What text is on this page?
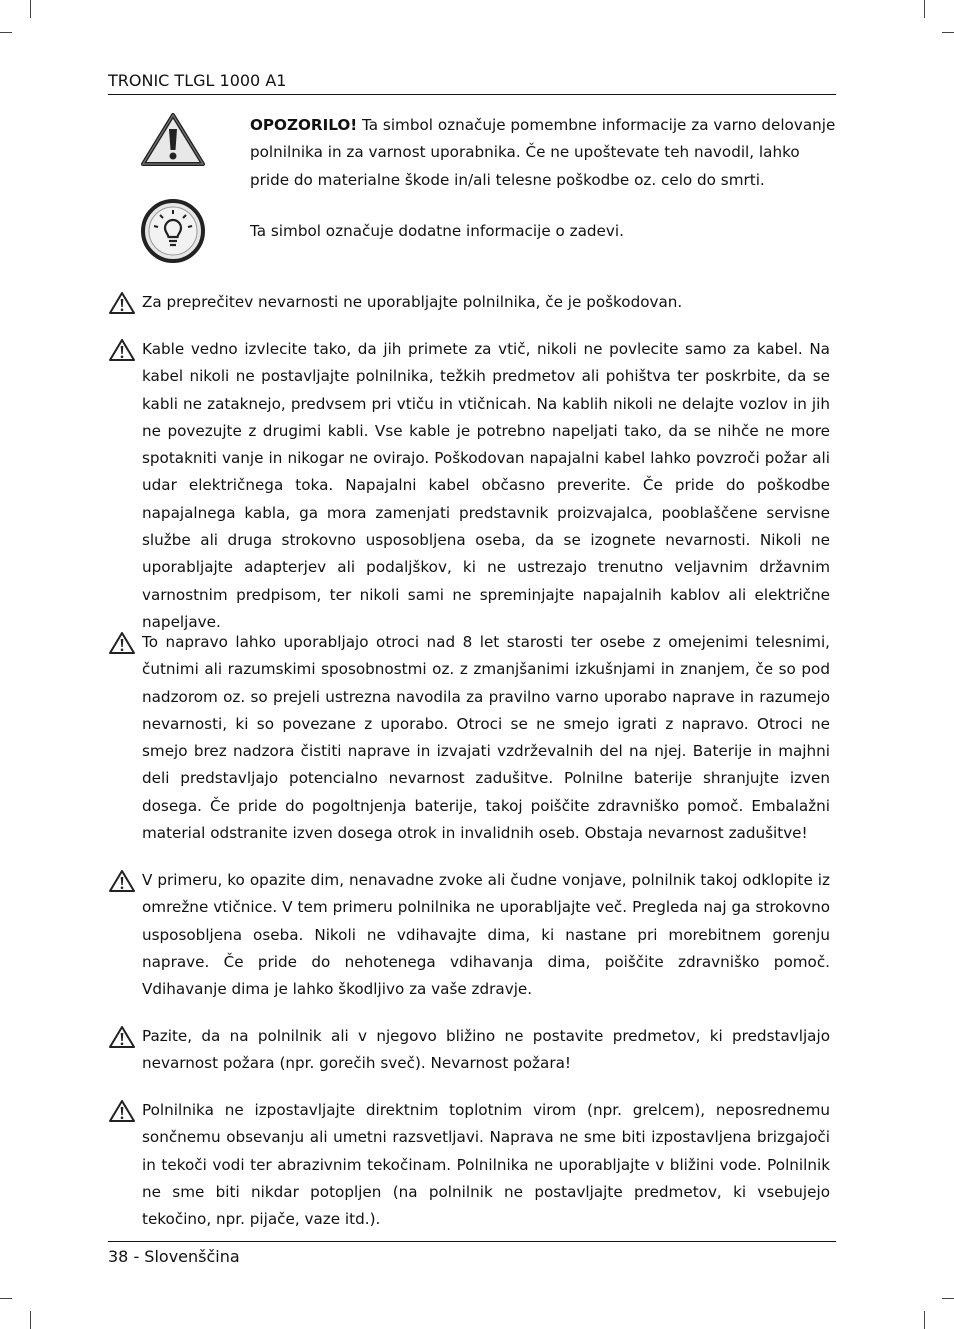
TRONIC TLGL 1000 A1
OPOZORILO! Ta simbol označuje pomembne informacije za varno delovanje polnilnika in za varnost uporabnika. Če ne upoštevate teh navodil, lahko pride do materialne škode in/ali telesne poškodbe oz. celo do smrti.
Ta simbol označuje dodatne informacije o zadevi.

Za preprečitev nevarnosti ne uporabljajte polnilnika, če je poškodovan.

Kable vedno izvlecite tako, da jih primete za vtič, nikoli ne povlecite samo za kabel. Na kabel nikoli ne postavljajte polnilnika, težkih predmetov ali pohištva ter poskrbite, da se kabli ne zataknejo, predvsem pri vtiču in vtičnicah. Na kablih nikoli ne delajte vozlov in jih ne povezujte z drugimi kabli. Vse kable je potrebno napeljati tako, da se nihče ne more spotakniti vanje in nikogar ne ovirajo. Poškodovan napajalni kabel lahko povzroči požar ali udar električnega toka. Napajalni kabel občasno preverite. Če pride do poškodbe napajalnega kabla, ga mora zamenjati predstavnik proizvajalca, pooblaščene servisne službe ali druga strokovno usposobljena oseba, da se izognete nevarnosti. Nikoli ne uporabljajte adapterjev ali podaljškov, ki ne ustrezajo trenutno veljavnim državnim varnostnim predpisom, ter nikoli sami ne spreminjajte napajalnih kablov ali električne napeljave.

To napravo lahko uporabljajo otroci nad 8 let starosti ter osebe z omejenimi telesnimi, čutnimi ali razumskimi sposobnostmi oz. z zmanjšanimi izkušnjami in znanjem, če so pod nadzorom oz. so prejeli ustrezna navodila za pravilno varno uporabo naprave in razumejo nevarnosti, ki so povezane z uporabo. Otroci se ne smejo igrati z napravo. Otroci ne smejo brez nadzora čistiti naprave in izvajati vzdrževalnih del na njej. Baterije in majhni deli predstavljajo potencialno nevarnost zadušitve. Polnilne baterije shranjujte izven dosega. Če pride do pogoltnjenja baterije, takoj poiščite zdravniško pomoč. Embalažni material odstranite izven dosega otrok in invalidnih oseb. Obstaja nevarnost zadušitve!

V primeru, ko opazite dim, nenavadne zvoke ali čudne vonjave, polnilnik takoj odklopite iz omrežne vtičnice. V tem primeru polnilnika ne uporabljajte več. Pregleda naj ga strokovno usposobljena oseba. Nikoli ne vdihavajte dima, ki nastane pri morebitnem gorenju naprave. Če pride do nehotenega vdihavanja dima, poiščite zdravniško pomoč. Vdihavanje dima je lahko škodljivo za vaše zdravje.

Pazite, da na polnilnik ali v njegovo bližino ne postavite predmetov, ki predstavljajo nevarnost požara (npr. gorečih sveč). Nevarnost požara!

Polnilnika ne izpostavljajte direktnim toplotnim virom (npr. grelcem), neposrednemu sončnemu obsevanju ali umetni razsvetljavi. Naprava ne sme biti izpostavljena brizgajoči in tekoči vodi ter abrazivnim tekočinam. Polnilnika ne uporabljajte v bližini vode. Polnilnik ne sme biti nikdar potopljen (na polnilnik ne postavljajte predmetov, ki vsebujejo tekočino, npr. pijače, vaze itd.).

38 - Slovenščina
